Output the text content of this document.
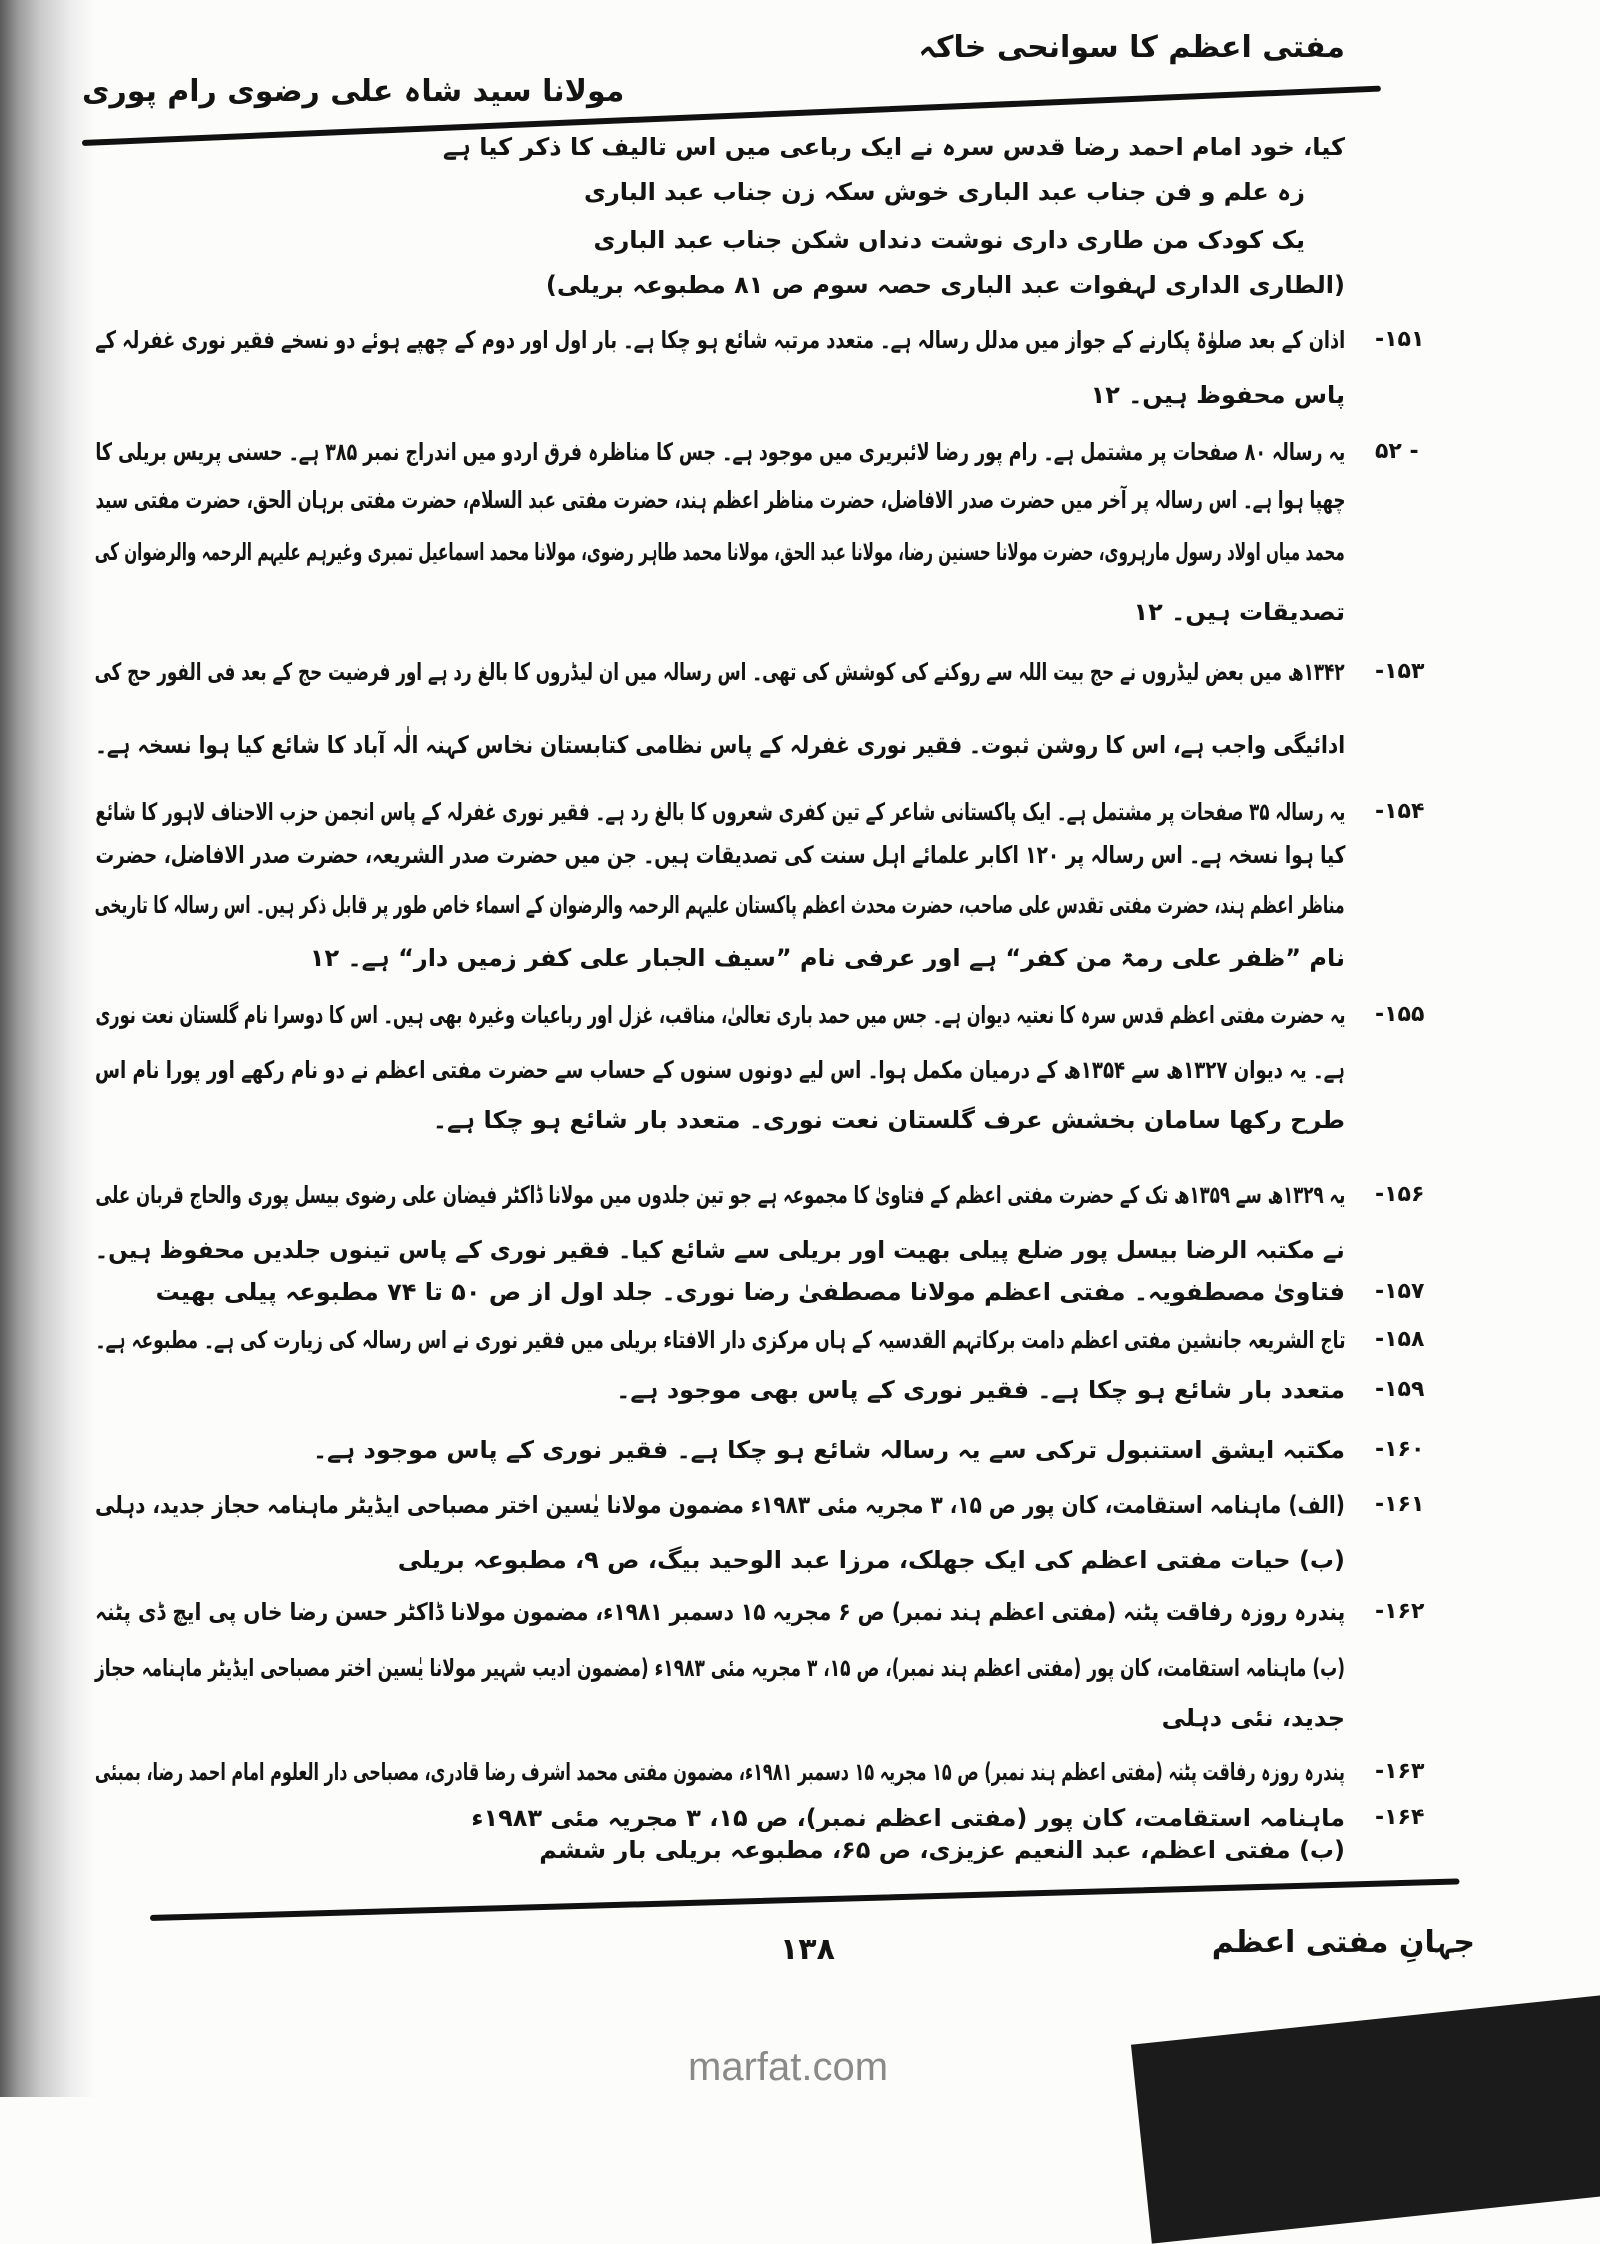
مفتی اعظم کا سوانحی خاکہ
مولانا سید شاہ علی رضوی رام پوری
کیا، خود امام احمد رضا قدس سرہ نے ایک رباعی میں اس تالیف کا ذکر کیا ہے
زہ علم و فن جناب عبد الباری خوش سکہ زن جناب عبد الباری
یک کودک من طاری داری نوشت دنداں شکن جناب عبد الباری
(الطاری الداری لہفوات عبد الباری حصہ سوم ص ۸۱ مطبوعہ بریلی)
-۱۵۱
اذان کے بعد صلوٰۃ پکارنے کے جواز میں مدلل رسالہ ہے۔ متعدد مرتبہ شائع ہو چکا ہے۔ بار اول اور دوم کے چھپے ہوئے دو نسخے فقیر نوری غفرلہ کے
پاس محفوظ ہیں۔ ۱۲
۵۲ -
یہ رسالہ ۸۰ صفحات پر مشتمل ہے۔ رام پور رضا لائبریری میں موجود ہے۔ جس کا مناظرہ فرق اردو میں اندراج نمبر ۳۸۵ ہے۔ حسنی پریس بریلی کا
چھپا ہوا ہے۔ اس رسالہ پر آخر میں حضرت صدر الافاضل، حضرت مناظر اعظم ہند، حضرت مفتی عبد السلام، حضرت مفتی برہان الحق، حضرت مفتی سید
محمد میاں اولاد رسول مارہروی، حضرت مولانا حسنین رضا، مولانا عبد الحق، مولانا محمد طاہر رضوی، مولانا محمد اسماعیل تمبری وغیرہم علیہم الرحمہ والرضوان کی
تصدیقات ہیں۔ ۱۲
-۱۵۳
۱۳۴۲ھ میں بعض لیڈروں نے حج بیت اللہ سے روکنے کی کوشش کی تھی۔ اس رسالہ میں ان لیڈروں کا بالغ رد ہے اور فرضیت حج کے بعد فی الفور حج کی
ادائیگی واجب ہے، اس کا روشن ثبوت۔ فقیر نوری غفرلہ کے پاس نظامی کتابستان نخاس کہنہ الٰہ آباد کا شائع کیا ہوا نسخہ ہے۔
-۱۵۴
یہ رسالہ ۳۵ صفحات پر مشتمل ہے۔ ایک پاکستانی شاعر کے تین کفری شعروں کا بالغ رد ہے۔ فقیر نوری غفرلہ کے پاس انجمن حزب الاحناف لاہور کا شائع
کیا ہوا نسخہ ہے۔ اس رسالہ پر ۱۲۰ اکابر علمائے اہل سنت کی تصدیقات ہیں۔ جن میں حضرت صدر الشریعہ، حضرت صدر الافاضل، حضرت
مناظر اعظم ہند، حضرت مفتی تقدس علی صاحب، حضرت محدث اعظم پاکستان علیہم الرحمہ والرضوان کے اسماء خاص طور پر قابل ذکر ہیں۔ اس رسالہ کا تاریخی
نام ”ظفر علی رمۃ من کفر“ ہے اور عرفی نام ”سیف الجبار علی کفر زمیں دار“ ہے۔ ۱۲
-۱۵۵
یہ حضرت مفتی اعظم قدس سرہ کا نعتیہ دیوان ہے۔ جس میں حمد باری تعالیٰ، مناقب، غزل اور رباعیات وغیرہ بھی ہیں۔ اس کا دوسرا نام گلستان نعت نوری
ہے۔ یہ دیوان ۱۳۲۷ھ سے ۱۳۵۴ھ کے درمیان مکمل ہوا۔ اس لیے دونوں سنوں کے حساب سے حضرت مفتی اعظم نے دو نام رکھے اور پورا نام اس
طرح رکھا سامان بخشش عرف گلستان نعت نوری۔ متعدد بار شائع ہو چکا ہے۔
-۱۵۶
یہ ۱۳۲۹ھ سے ۱۳۵۹ھ تک کے حضرت مفتی اعظم کے فتاویٰ کا مجموعہ ہے جو تین جلدوں میں مولانا ڈاکٹر فیضان علی رضوی بیسل پوری والحاج قربان علی
نے مکتبہ الرضا بیسل پور ضلع پیلی بھیت اور بریلی سے شائع کیا۔ فقیر نوری کے پاس تینوں جلدیں محفوظ ہیں۔
-۱۵۷
فتاویٰ مصطفویہ۔ مفتی اعظم مولانا مصطفیٰ رضا نوری۔ جلد اول از ص ۵۰ تا ۷۴ مطبوعہ پیلی بھیت
-۱۵۸
تاج الشریعہ جانشین مفتی اعظم دامت برکاتہم القدسیہ کے ہاں مرکزی دار الافتاء بریلی میں فقیر نوری نے اس رسالہ کی زیارت کی ہے۔ مطبوعہ ہے۔
-۱۵۹
متعدد بار شائع ہو چکا ہے۔ فقیر نوری کے پاس بھی موجود ہے۔
-۱۶۰
مکتبہ ایشق استنبول ترکی سے یہ رسالہ شائع ہو چکا ہے۔ فقیر نوری کے پاس موجود ہے۔
-۱۶۱
(الف) ماہنامہ استقامت، کان پور ص ۱۵، ۳ مجریہ مئی ۱۹۸۳ء مضمون مولانا یٰسین اختر مصباحی ایڈیٹر ماہنامہ حجاز جدید، دہلی
(ب) حیات مفتی اعظم کی ایک جھلک، مرزا عبد الوحید بیگ، ص ۹، مطبوعہ بریلی
-۱۶۲
پندرہ روزہ رفاقت پٹنہ (مفتی اعظم ہند نمبر) ص ۶ مجریہ ۱۵ دسمبر ۱۹۸۱ء، مضمون مولانا ڈاکٹر حسن رضا خاں پی ایچ ڈی پٹنہ
(ب) ماہنامہ استقامت، کان پور (مفتی اعظم ہند نمبر)، ص ۱۵، ۳ مجریہ مئی ۱۹۸۳ء (مضمون ادیب شہیر مولانا یٰسین اختر مصباحی ایڈیٹر ماہنامہ حجاز
جدید، نئی دہلی
-۱۶۳
پندرہ روزہ رفاقت پٹنہ (مفتی اعظم ہند نمبر) ص ۱۵ مجریہ ۱۵ دسمبر ۱۹۸۱ء، مضمون مفتی محمد اشرف رضا قادری، مصباحی دار العلوم امام احمد رضا، بمبئی
-۱۶۴
ماہنامہ استقامت، کان پور (مفتی اعظم نمبر)، ص ۱۵، ۳ مجریہ مئی ۱۹۸۳ء
(ب) مفتی اعظم، عبد النعیم عزیزی، ص ۶۵، مطبوعہ بریلی بار ششم
جہانِ مفتی اعظم
۱۳۸
marfat.com
